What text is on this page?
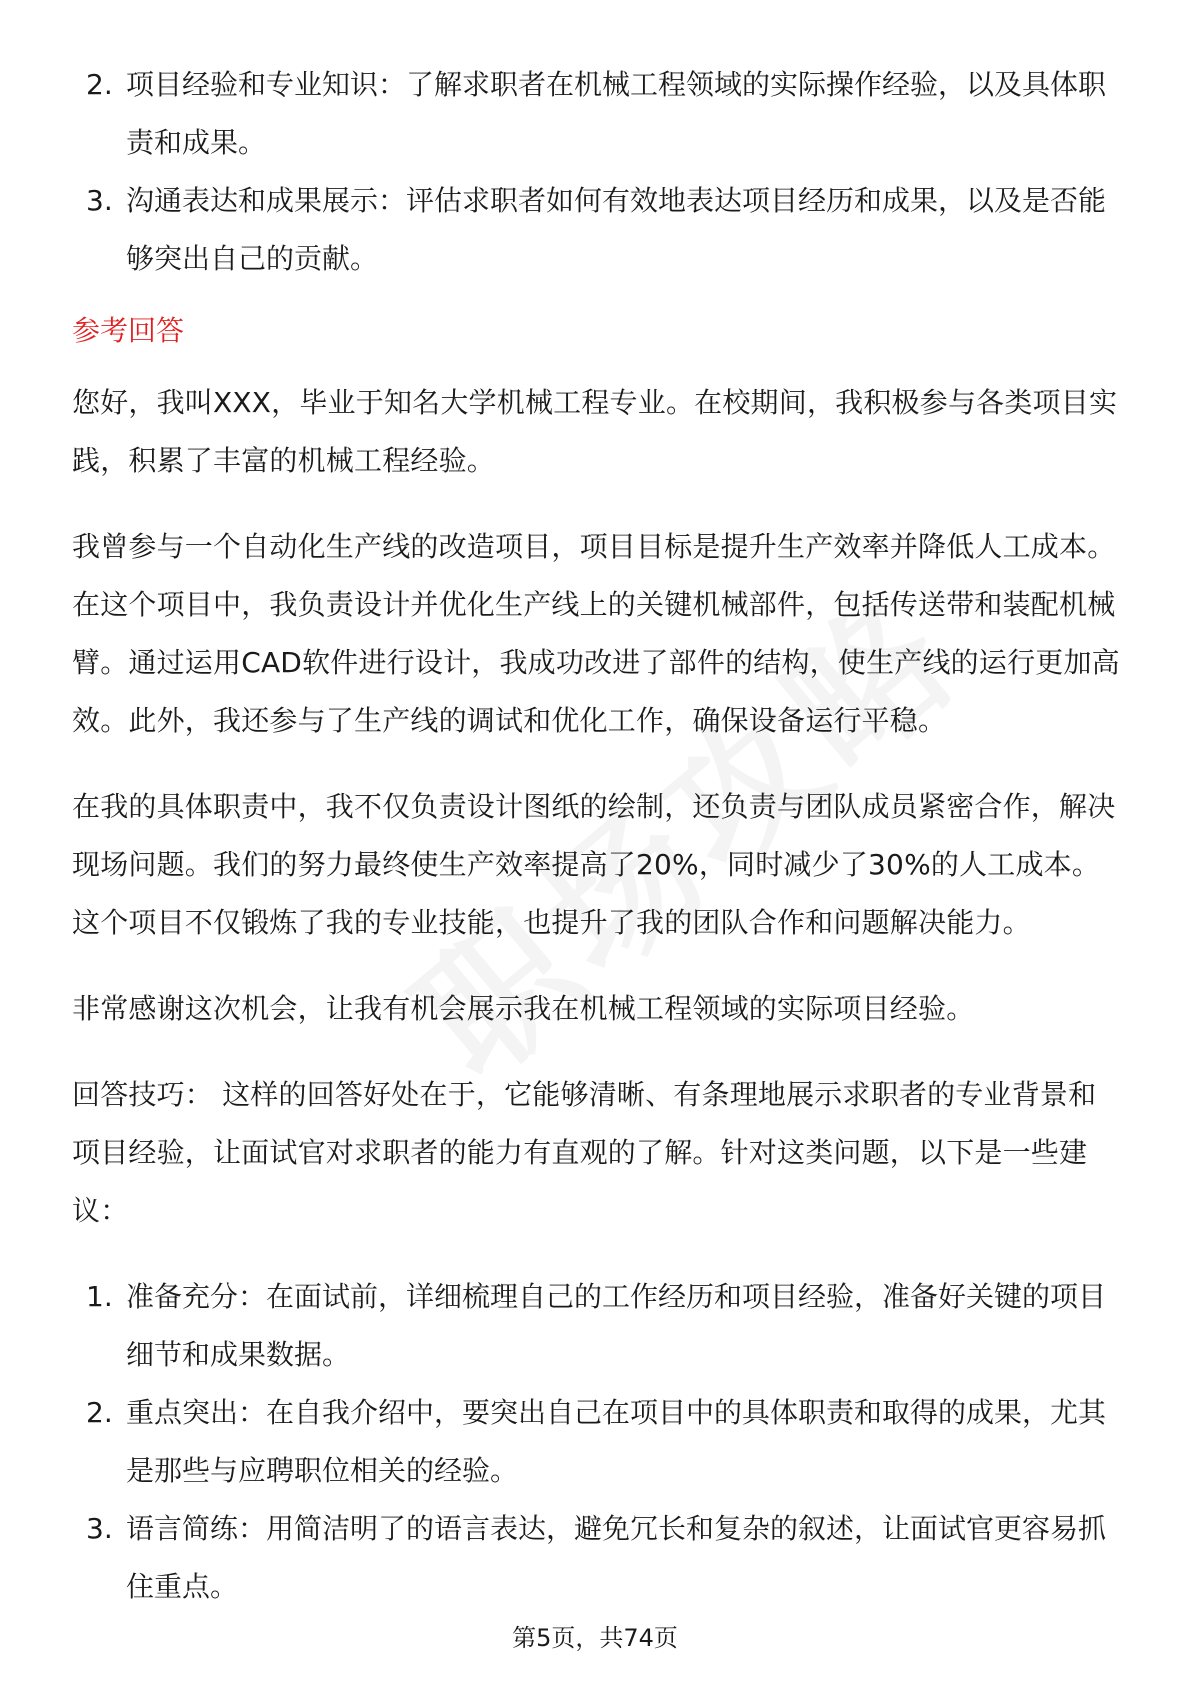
2. 项目经验和专业知识：了解求职者在机械工程领域的实际操作经验，以及具体职责和成果。
3. 沟通表达和成果展示：评估求职者如何有效地表达项目经历和成果，以及是否能够突出自己的贡献。

参考回答

您好，我叫XXX，毕业于知名大学机械工程专业。在校期间，我积极参与各类项目实践，积累了丰富的机械工程经验。

我曾参与一个自动化生产线的改造项目，项目目标是提升生产效率并降低人工成本。在这个项目中，我负责设计并优化生产线上的关键机械部件，包括传送带和装配机械臂。通过运用CAD软件进行设计，我成功改进了部件的结构，使生产线的运行更加高效。此外，我还参与了生产线的调试和优化工作，确保设备运行平稳。

在我的具体职责中，我不仅负责设计图纸的绘制，还负责与团队成员紧密合作，解决现场问题。我们的努力最终使生产效率提高了20%，同时减少了30%的人工成本。这个项目不仅锻炼了我的专业技能，也提升了我的团队合作和问题解决能力。

非常感谢这次机会，让我有机会展示我在机械工程领域的实际项目经验。

回答技巧： 这样的回答好处在于，它能够清晰、有条理地展示求职者的专业背景和项目经验，让面试官对求职者的能力有直观的了解。针对这类问题，以下是一些建议：

1. 准备充分：在面试前，详细梳理自己的工作经历和项目经验，准备好关键的项目细节和成果数据。
2. 重点突出：在自我介绍中，要突出自己在项目中的具体职责和取得的成果，尤其是那些与应聘职位相关的经验。
3. 语言简练：用简洁明了的语言表达，避免冗长和复杂的叙述，让面试官更容易抓住重点。
第5页，共74页
